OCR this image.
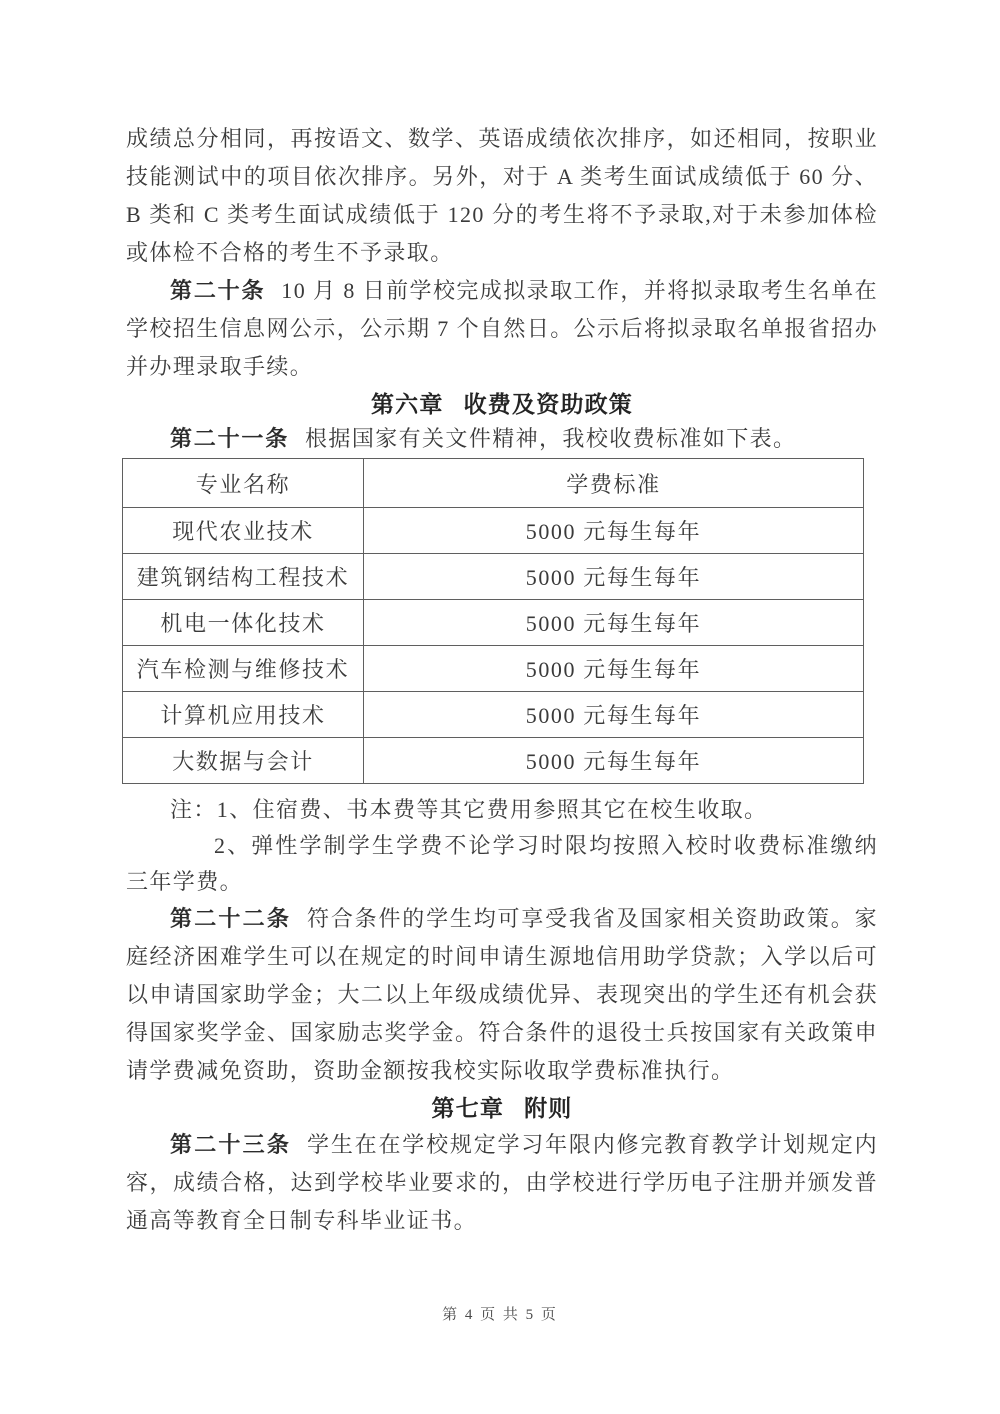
成绩总分相同，再按语文、数学、英语成绩依次排序，如还相同，按职业技能测试中的项目依次排序。另外，对于 A 类考生面试成绩低于 60 分、B 类和 C 类考生面试成绩低于 120 分的考生将不予录取,对于未参加体检或体检不合格的考生不予录取。

第二十条 10 月 8 日前学校完成拟录取工作，并将拟录取考生名单在学校招生信息网公示，公示期 7 个自然日。公示后将拟录取名单报省招办并办理录取手续。

第六章 收费及资助政策

第二十一条 根据国家有关文件精神，我校收费标准如下表。

专业名称	学费标准
现代农业技术	5000 元每生每年
建筑钢结构工程技术	5000 元每生每年
机电一体化技术	5000 元每生每年
汽车检测与维修技术	5000 元每生每年
计算机应用技术	5000 元每生每年
大数据与会计	5000 元每生每年

注：1、住宿费、书本费等其它费用参照其它在校生收取。

2、弹性学制学生学费不论学习时限均按照入校时收费标准缴纳三年学费。

第二十二条 符合条件的学生均可享受我省及国家相关资助政策。家庭经济困难学生可以在规定的时间申请生源地信用助学贷款；入学以后可以申请国家助学金；大二以上年级成绩优异、表现突出的学生还有机会获得国家奖学金、国家励志奖学金。符合条件的退役士兵按国家有关政策申请学费减免资助，资助金额按我校实际收取学费标准执行。

第七章 附则

第二十三条 学生在在学校规定学习年限内修完教育教学计划规定内容，成绩合格，达到学校毕业要求的，由学校进行学历电子注册并颁发普通高等教育全日制专科毕业证书。

第 4 页 共 5 页
